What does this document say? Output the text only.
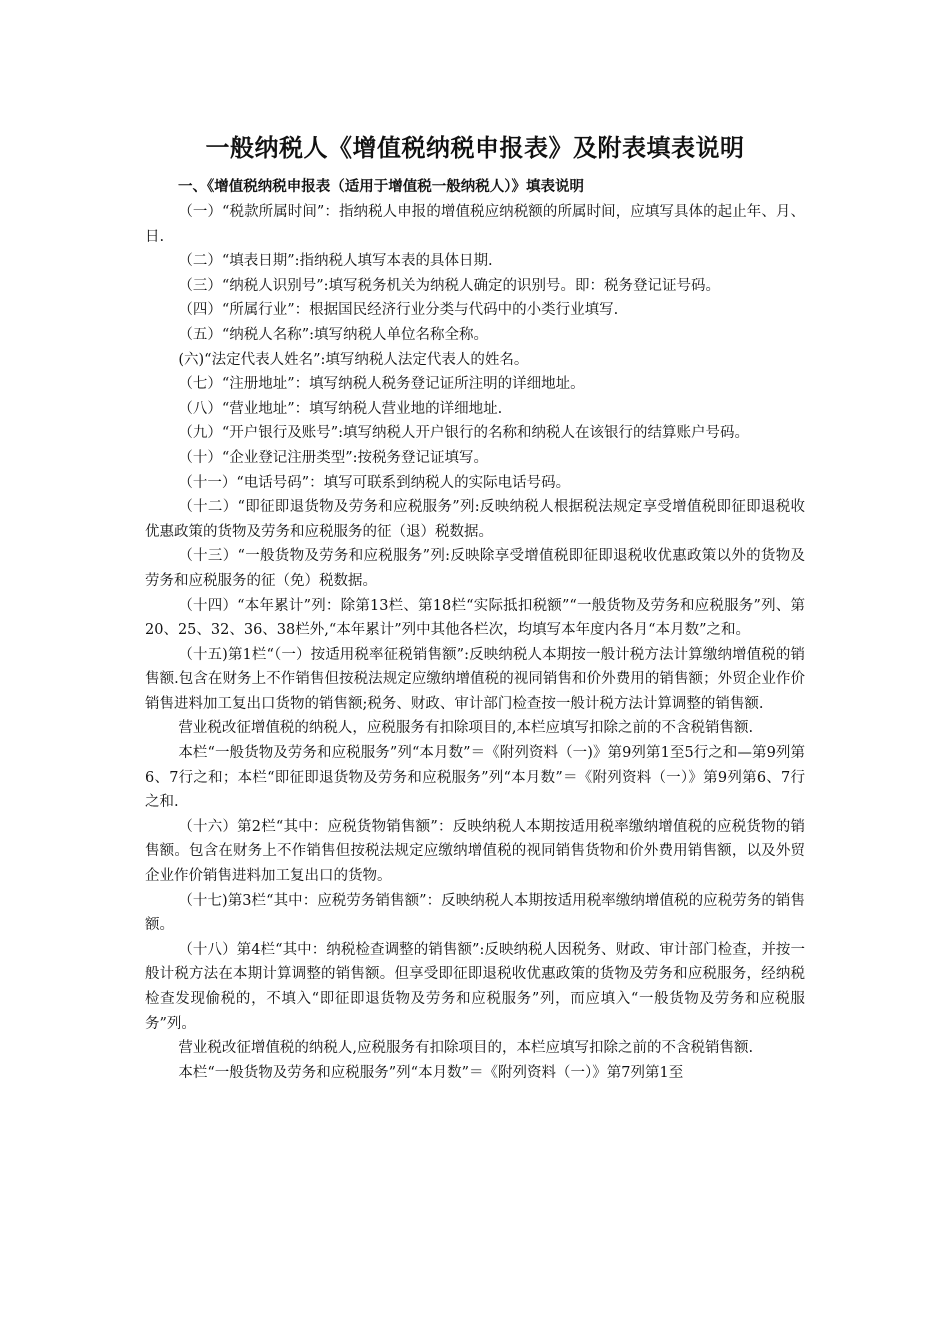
一般纳税人《增值税纳税申报表》及附表填表说明
一、《增值税纳税申报表（适用于增值税一般纳税人）》填表说明

（一）“税款所属时间”：指纳税人申报的增值税应纳税额的所属时间，应填写具体的起止年、月、日.

（二）“填表日期”:指纳税人填写本表的具体日期.

（三）“纳税人识别号”:填写税务机关为纳税人确定的识别号。即：税务登记证号码。

（四）“所属行业”：根据国民经济行业分类与代码中的小类行业填写.

（五）“纳税人名称”:填写纳税人单位名称全称。

(六)“法定代表人姓名”:填写纳税人法定代表人的姓名。

（七）“注册地址”：填写纳税人税务登记证所注明的详细地址。

（八）“营业地址”：填写纳税人营业地的详细地址.

（九）“开户银行及账号”:填写纳税人开户银行的名称和纳税人在该银行的结算账户号码。

（十）“企业登记注册类型”:按税务登记证填写。

（十一）“电话号码”：填写可联系到纳税人的实际电话号码。

（十二）“即征即退货物及劳务和应税服务”列:反映纳税人根据税法规定享受增值税即征即退税收优惠政策的货物及劳务和应税服务的征（退）税数据。

（十三）“一般货物及劳务和应税服务”列:反映除享受增值税即征即退税收优惠政策以外的货物及劳务和应税服务的征（免）税数据。

（十四）“本年累计”列：除第13栏、第18栏“实际抵扣税额”“一般货物及劳务和应税服务”列、第20、25、32、36、38栏外,“本年累计”列中其他各栏次，均填写本年度内各月“本月数”之和。

（十五)第1栏“（一）按适用税率征税销售额”:反映纳税人本期按一般计税方法计算缴纳增值税的销售额.包含在财务上不作销售但按税法规定应缴纳增值税的视同销售和价外费用的销售额；外贸企业作价销售进料加工复出口货物的销售额;税务、财政、审计部门检查按一般计税方法计算调整的销售额.

营业税改征增值税的纳税人，应税服务有扣除项目的,本栏应填写扣除之前的不含税销售额.

本栏“一般货物及劳务和应税服务”列“本月数”＝《附列资料（一)》第9列第1至5行之和—第9列第6、7行之和；本栏“即征即退货物及劳务和应税服务”列“本月数”＝《附列资料（一）》第9列第6、7行之和.

（十六）第2栏“其中：应税货物销售额”：反映纳税人本期按适用税率缴纳增值税的应税货物的销售额。包含在财务上不作销售但按税法规定应缴纳增值税的视同销售货物和价外费用销售额，以及外贸企业作价销售进料加工复出口的货物。

（十七)第3栏“其中：应税劳务销售额”：反映纳税人本期按适用税率缴纳增值税的应税劳务的销售额。

（十八）第4栏“其中：纳税检查调整的销售额”:反映纳税人因税务、财政、审计部门检查，并按一般计税方法在本期计算调整的销售额。但享受即征即退税收优惠政策的货物及劳务和应税服务，经纳税检查发现偷税的，不填入“即征即退货物及劳务和应税服务”列，而应填入“一般货物及劳务和应税服务”列。

营业税改征增值税的纳税人,应税服务有扣除项目的，本栏应填写扣除之前的不含税销售额.

本栏“一般货物及劳务和应税服务”列“本月数”＝《附列资料（一）》第7列第1至
